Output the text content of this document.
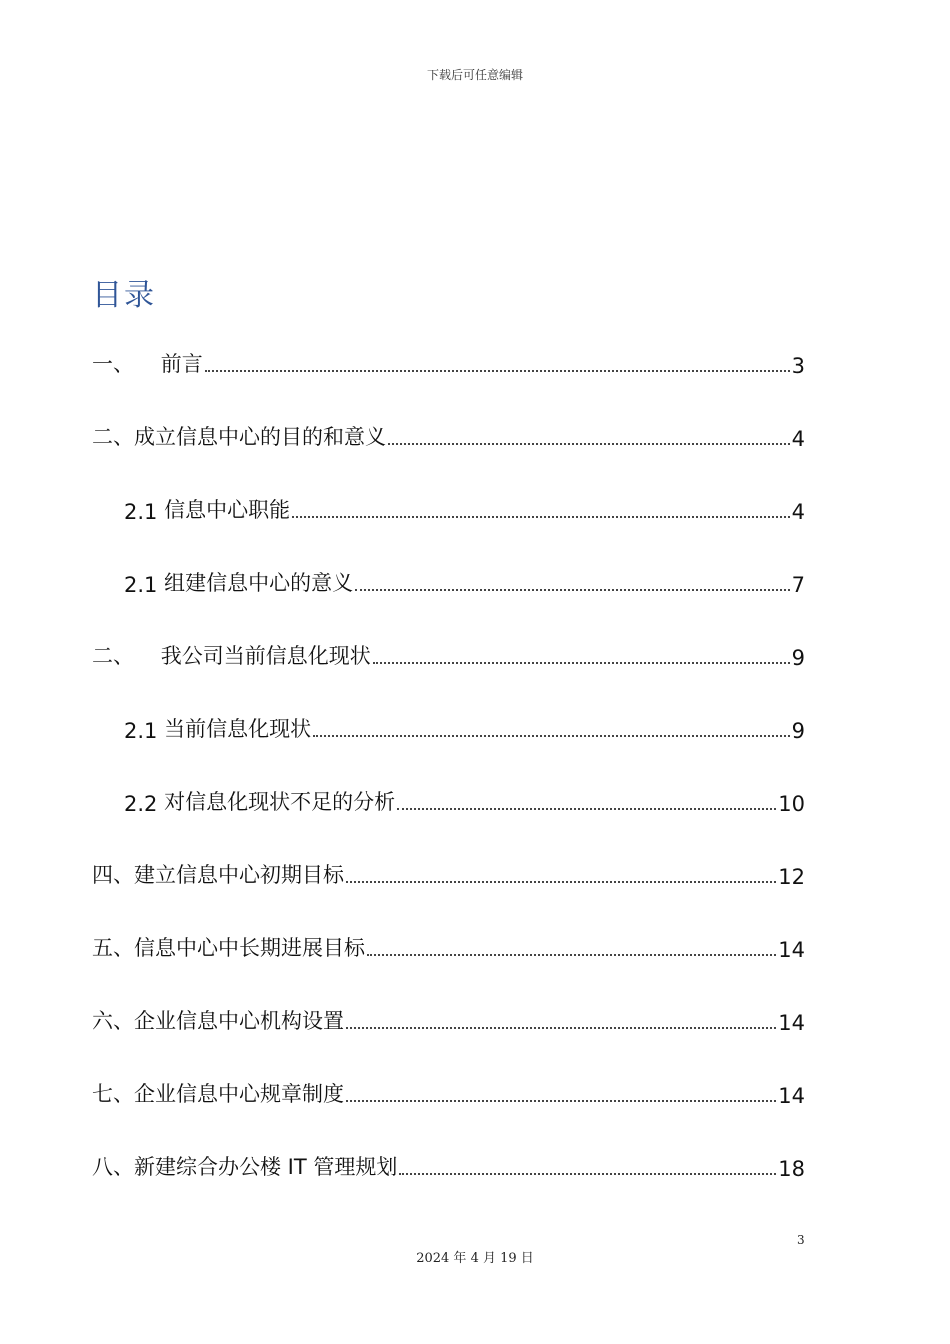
下载后可任意编辑
目录
一、 前言	3
二、 成立信息中心的目的和意义	4
2.1 信息中心职能	4
2.1 组建信息中心的意义	7
二、 我公司当前信息化现状	9
2.1 当前信息化现状	9
2.2 对信息化现状不足的分析	10
四、 建立信息中心初期目标	12
五、 信息中心中长期进展目标	14
六、 企业信息中心机构设置	14
七、 企业信息中心规章制度	14
八、 新建综合办公楼 IT 管理规划	18
3
2024 年 4 月 19 日
